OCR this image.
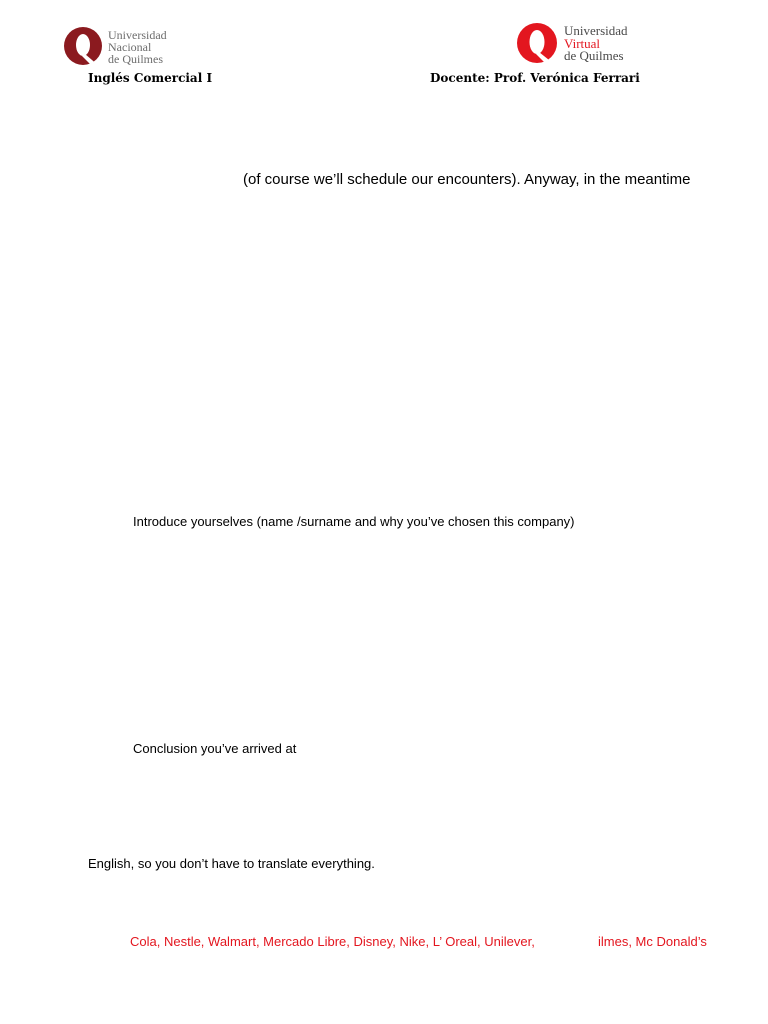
Universidad
Nacional
de Quilmes
Universidad
Virtual
de Quilmes
Inglés Comercial I	Docente: Prof. Verónica Ferrari
(of course we’ll schedule our encounters). Anyway, in the meantime
Introduce yourselves (name /surname and why you’ve chosen this company)
Conclusion you’ve arrived at
English, so you don’t have to translate everything.
Cola, Nestle, Walmart, Mercado Libre, Disney, Nike, L’ Oreal, Unilever,	ilmes, Mc Donald’s
